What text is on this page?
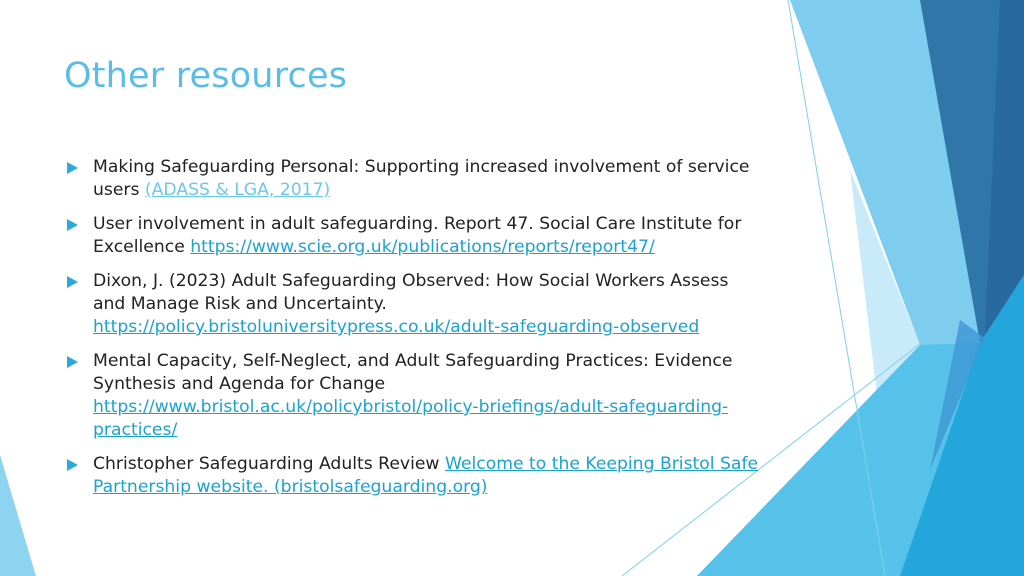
Other resources
Making Safeguarding Personal: Supporting increased involvement of service users (ADASS & LGA, 2017)
User involvement in adult safeguarding. Report 47. Social Care Institute for Excellence https://www.scie.org.uk/publications/reports/report47/
Dixon, J. (2023) Adult Safeguarding Observed: How Social Workers Assess and Manage Risk and Uncertainty. https://policy.bristoluniversitypress.co.uk/adult-safeguarding-observed
Mental Capacity, Self-Neglect, and Adult Safeguarding Practices: Evidence Synthesis and Agenda for Change https://www.bristol.ac.uk/policybristol/policy-briefings/adult-safeguarding-practices/
Christopher Safeguarding Adults Review Welcome to the Keeping Bristol Safe Partnership website. (bristolsafeguarding.org)
